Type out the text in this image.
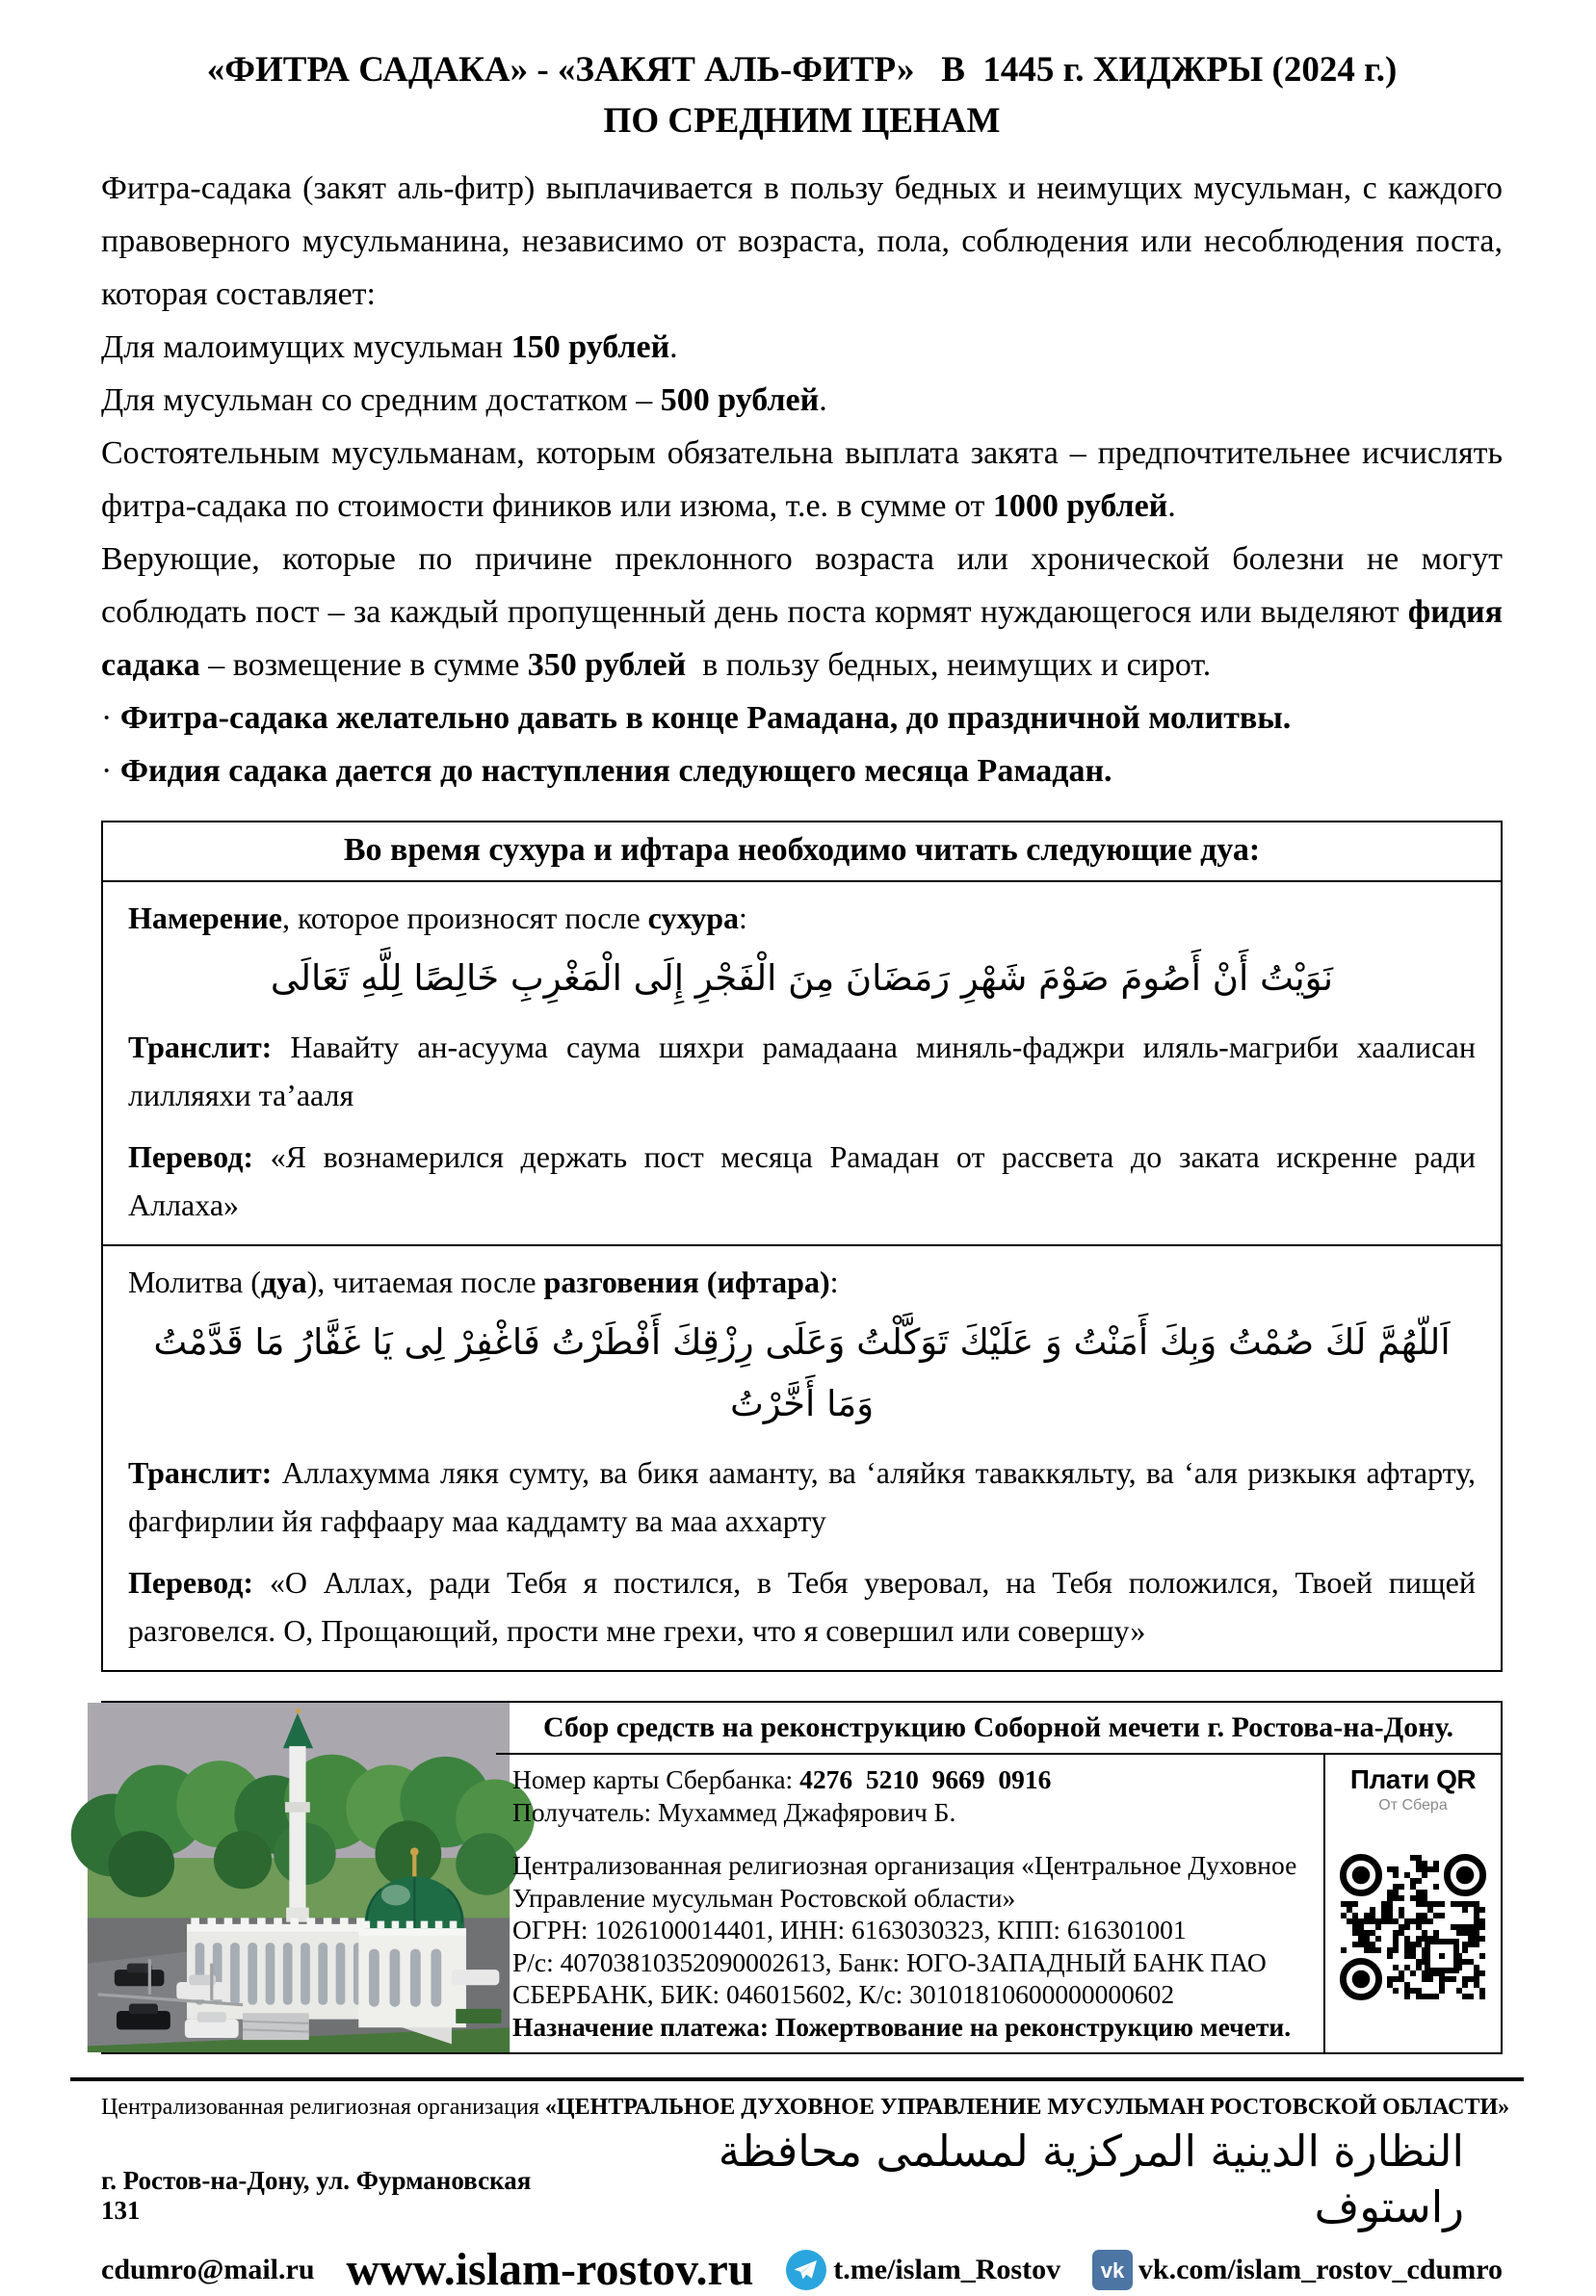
«ФИТРА САДАКА» - «ЗАКЯТ АЛЬ-ФИТР»   В  1445 г. ХИДЖРЫ (2024 г.)
ПО СРЕДНИМ ЦЕНАМ

Фитра-садака (закят аль-фитр) выплачивается в пользу бедных и неимущих мусульман, с каждого правоверного мусульманина, независимо от возраста, пола, соблюдения или несоблюдения поста, которая составляет:

Для малоимущих мусульман 150 рублей.

Для мусульман со средним достатком – 500 рублей.

Состоятельным мусульманам, которым обязательна выплата закята – предпочтительнее исчислять фитра-садака по стоимости фиников или изюма, т.е. в сумме от 1000 рублей.

Верующие, которые по причине преклонного возраста или хронической болезни не могут соблюдать пост – за каждый пропущенный день поста кормят нуждающегося или выделяют фидия садака – возмещение в сумме 350 рублей  в пользу бедных, неимущих и сирот.

· Фитра-садака желательно давать в конце Рамадана, до праздничной молитвы.

· Фидия садака дается до наступления следующего месяца Рамадан.

Во время сухура и ифтара необходимо читать следующие дуа:

Намерение, которое произносят после сухура:

نَوَيْتُ أَنْ أَصُومَ صَوْمَ شَهْرِ رَمَضَانَ مِنَ الْفَجْرِ إِلَى الْمَغْرِبِ خَالِصًا لِلَّهِ تَعَالَى

Транслит: Навайту ан-асуума саума шяхри рамадаана миняль-фаджри иляль-магриби хаалисан лилляяхи та’ааля

Перевод: «Я вознамерился держать пост месяца Рамадан от рассвета до заката искренне ради Аллаха»

Молитва (дуа), читаемая после разговения (ифтара):

اَللّهُمَّ لَكَ صُمْتُ وَبِكَ أَمَنْتُ وَ عَلَيْكَ تَوَكَّلْتُ وَعَلَى رِزْقِكَ أَفْطَرْتُ فَاغْفِرْ لِى يَا غَفَّارُ مَا قَدَّمْتُ وَمَا أَخَّرْتُ

Транслит: Аллахумма лякя сумту, ва бикя ааманту, ва ‘аляйкя таваккяльту, ва ‘аля ризкыкя афтарту, фагфирлии йя гаффаару маа каддамту ва маа аххарту

Перевод: «О Аллах, ради Тебя я постился, в Тебя уверовал, на Тебя положился, Твоей пищей разговелся. О, Прощающий, прости мне грехи, что я совершил или совершу»

Сбор средств на реконструкцию Соборной мечети г. Ростова-на-Дону.

Номер карты Сбербанка: 4276  5210  9669  0916

Получатель: Мухаммед Джафярович Б.

Централизованная религиозная организация «Центральное Духовное Управление мусульман Ростовской области»

ОГРН: 1026100014401, ИНН: 6163030323, КПП: 616301001

Р/с: 40703810352090002613, Банк: ЮГО-ЗАПАДНЫЙ БАНК ПАО СБЕРБАНК, БИК: 046015602, К/с: 30101810600000000602

Назначение платежа: Пожертвование на реконструкцию мечети.

Плати QR
От Сбера
Централизованная религиозная организация «ЦЕНТРАЛЬНОЕ ДУХОВНОЕ УПРАВЛЕНИЕ МУСУЛЬМАН РОСТОВСКОЙ ОБЛАСТИ»
г. Ростов-на-Дону, ул. Фурмановская 131
النظارة الدينية المركزية لمسلمى محافظة راستوف
cdumro@mail.ru www.islam-rostov.ru	t.me/islam_Rostov vk vk.com/islam_rostov_cdumro
